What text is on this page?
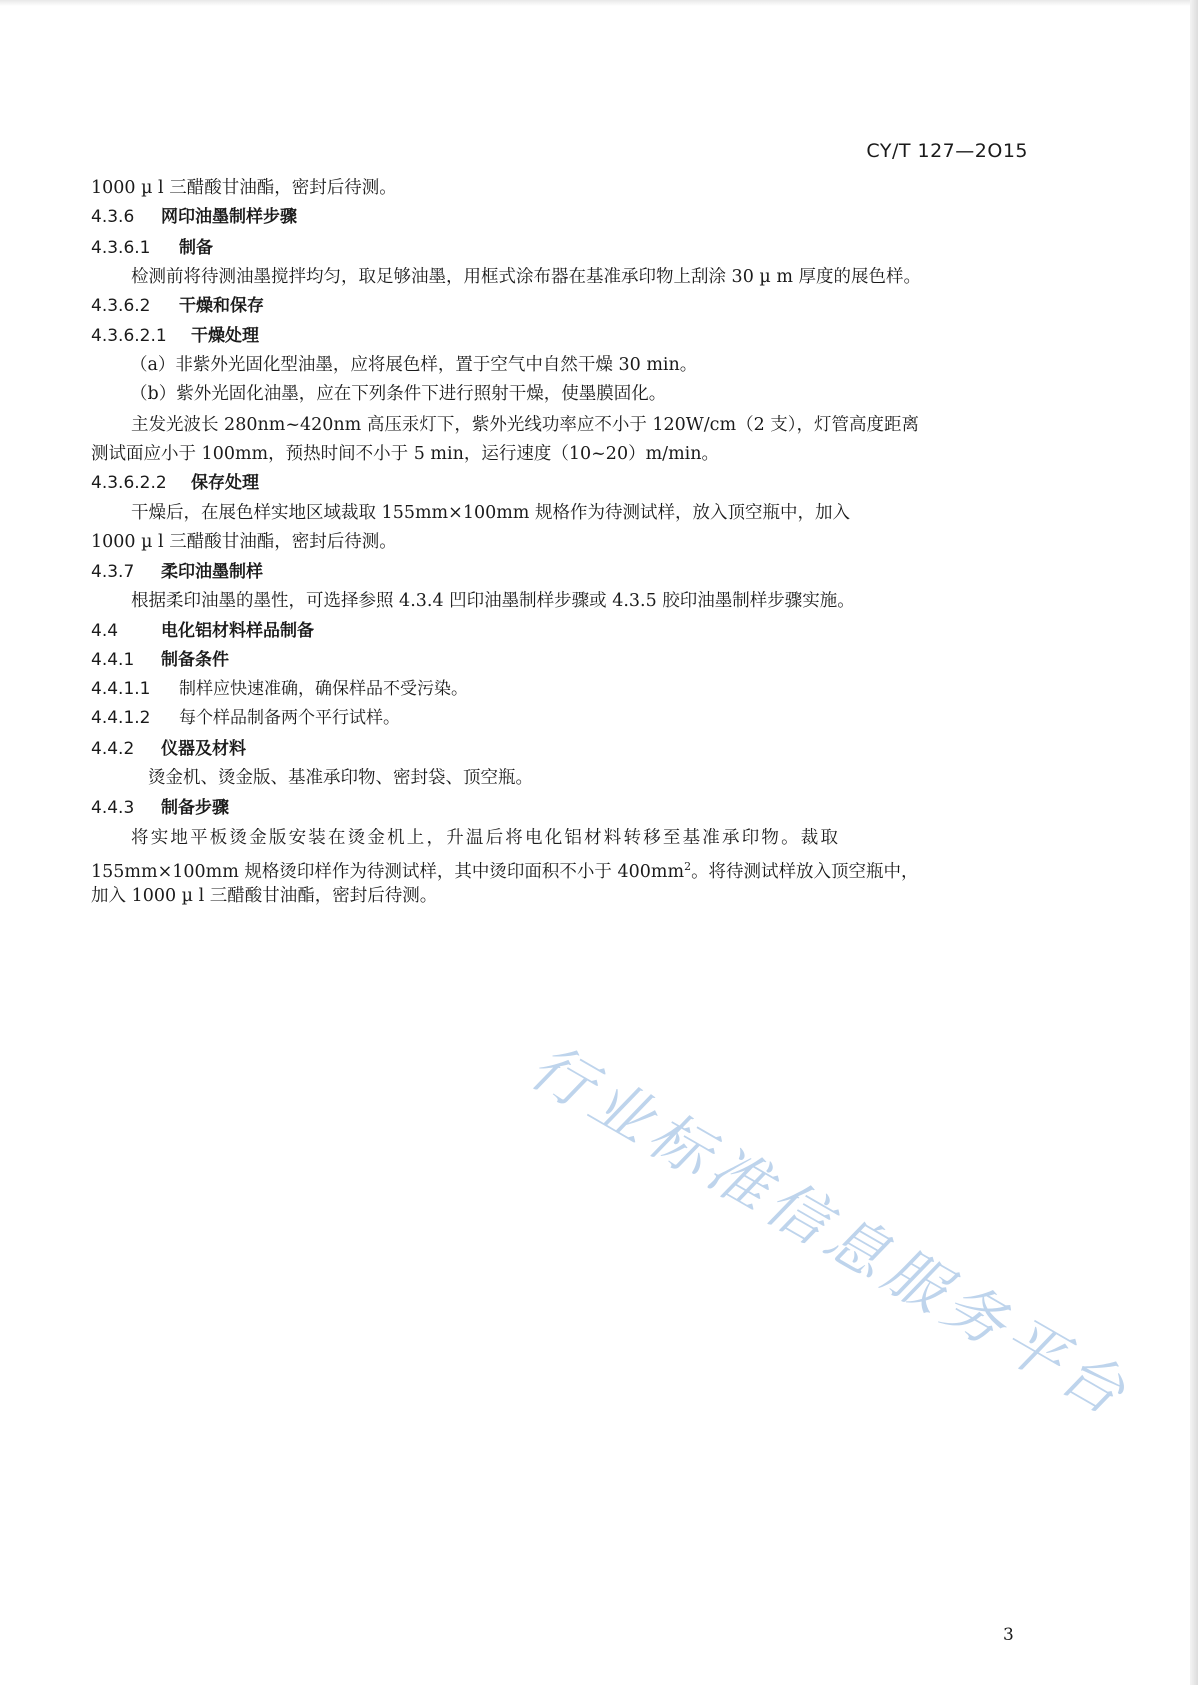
CY/T 127—2O15
1000 µ l 三醋酸甘油酯，密封后待测。
4.3.6 网印油墨制样步骤
4.3.6.1 制备
检测前将待测油墨搅拌均匀，取足够油墨，用框式涂布器在基准承印物上刮涂 30 µ m 厚度的展色样。
4.3.6.2 干燥和保存
4.3.6.2.1 干燥处理
（a）非紫外光固化型油墨，应将展色样，置于空气中自然干燥 30 min。
（b）紫外光固化油墨，应在下列条件下进行照射干燥，使墨膜固化。
主发光波长 280nm~420nm 高压汞灯下，紫外光线功率应不小于 120W/cm（2 支），灯管高度距离
测试面应小于 100mm，预热时间不小于 5 min，运行速度（10~20）m/min。
4.3.6.2.2 保存处理
干燥后，在展色样实地区域裁取 155mm×100mm 规格作为待测试样，放入顶空瓶中，加入
1000 µ l 三醋酸甘油酯，密封后待测。
4.3.7 柔印油墨制样
根据柔印油墨的墨性，可选择参照 4.3.4 凹印油墨制样步骤或 4.3.5 胶印油墨制样步骤实施。
4.4	电化铝材料样品制备
4.4.1 制备条件
4.4.1.1 制样应快速准确，确保样品不受污染。
4.4.1.2 每个样品制备两个平行试样。
4.4.2 仪器及材料
烫金机、烫金版、基准承印物、密封袋、顶空瓶。
4.4.3 制备步骤
将实地平板烫金版安装在烫金机上，升温后将电化铝材料转移至基准承印物。裁取
155mm×100mm 规格烫印样作为待测试样，其中烫印面积不小于 $400mm^2$。将待测试样放入顶空瓶中，
加入 1000 µ l 三醋酸甘油酯，密封后待测。
行业标准信息服务平台
3
